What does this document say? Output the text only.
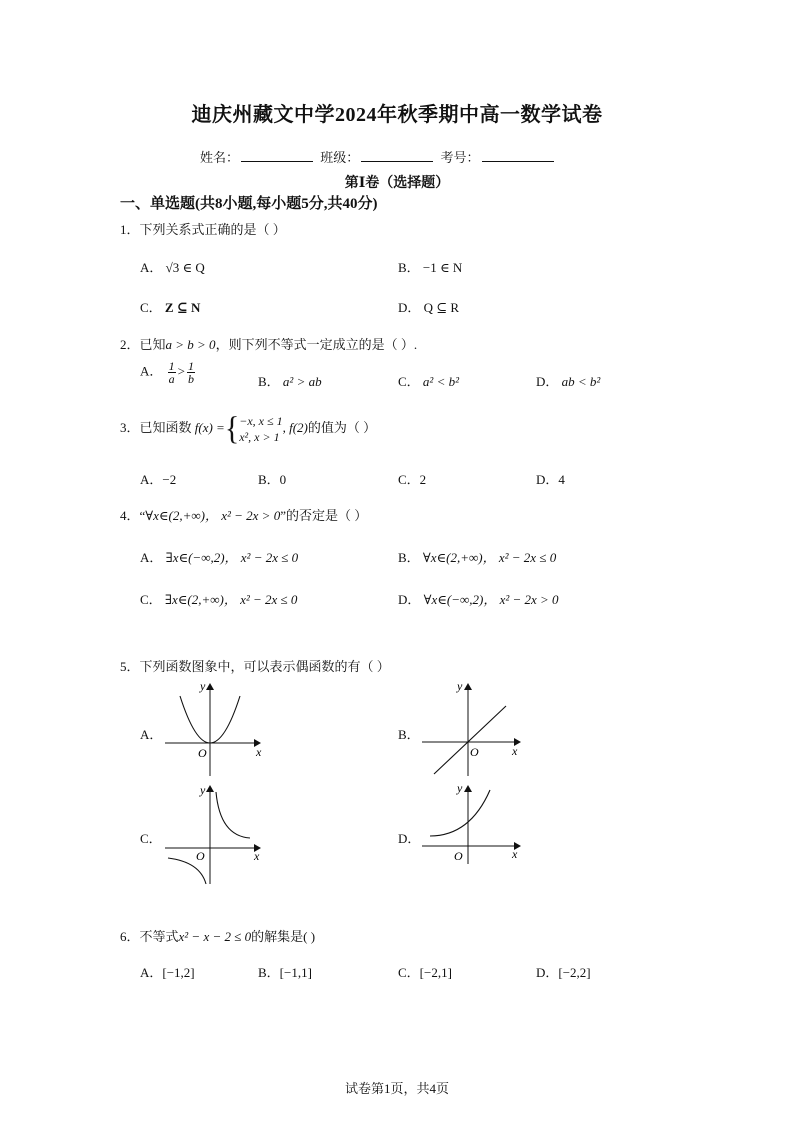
迪庆州藏文中学2024年秋季期中高一数学试卷
姓名：	班级：	考号：
第Ⅰ卷（选择题）
一、单选题(共8小题,每小题5分,共40分)
1．下列关系式正确的是（ ）
A． √3 ∈ Q	B． −1 ∈ N
C． Z ⊆ N	D． Q ⊆ R
2．已知a > b > 0，则下列不等式一定成立的是（ ）.
A． $\frac{1}{a} > \frac{1}{b}$	B． a² > ab	C． a² < b²	D． ab < b²
3．已知函数 f(x) ={−x, x ≤ 1
x², x > 1, f(2)的值为（ ）
A．−2	B．0	C．2	D．4
4．“∀x∈(2,+∞)， x² − 2x > 0”的否定是（ ）
A． ∃x∈(−∞,2)， x² − 2x ≤ 0	B． ∀x∈(2,+∞)， x² − 2x ≤ 0
C． ∃x∈(2,+∞)， x² − 2x ≤ 0	D． ∀x∈(−∞,2)， x² − 2x > 0
5．下列函数图象中，可以表示偶函数的有（ ）
A．
y
x
O
B．
y
x
O
C．
y
x
O
D．
y
x
O
6．不等式x² − x − 2 ≤ 0的解集是( )
A．[−1,2]	B．[−1,1]	C．[−2,1]	D．[−2,2]
试卷第1页，共4页
